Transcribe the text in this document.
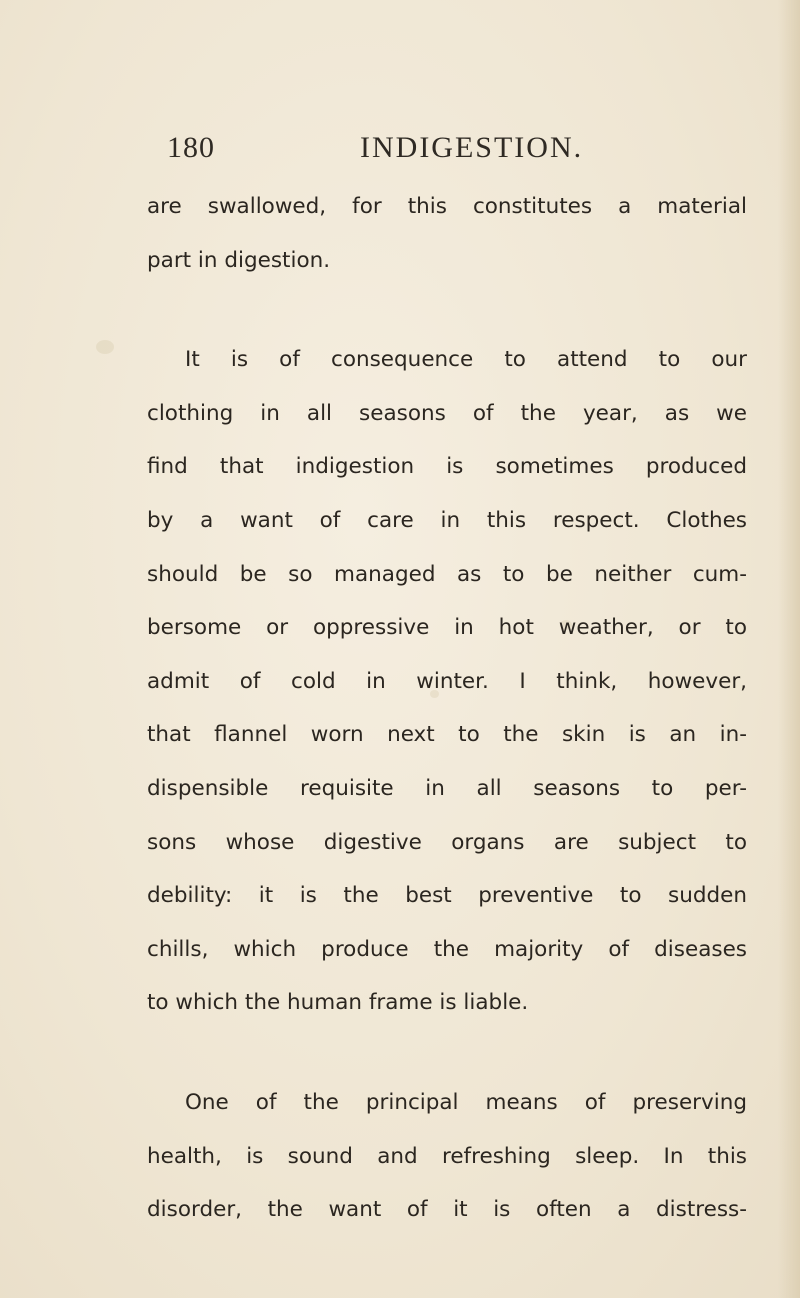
180	INDIGESTION.
are swallowed, for this constitutes a material
part in digestion.
It is of consequence to attend to our
clothing in all seasons of the year, as we
find that indigestion is sometimes produced
by a want of care in this respect. Clothes
should be so managed as to be neither cum-
bersome or oppressive in hot weather, or to
admit of cold in winter. I think, however,
that flannel worn next to the skin is an in-
dispensible requisite in all seasons to per-
sons whose digestive organs are subject to
debility: it is the best preventive to sudden
chills, which produce the majority of diseases
to which the human frame is liable.
One of the principal means of preserving
health, is sound and refreshing sleep. In this
disorder, the want of it is often a distress-
